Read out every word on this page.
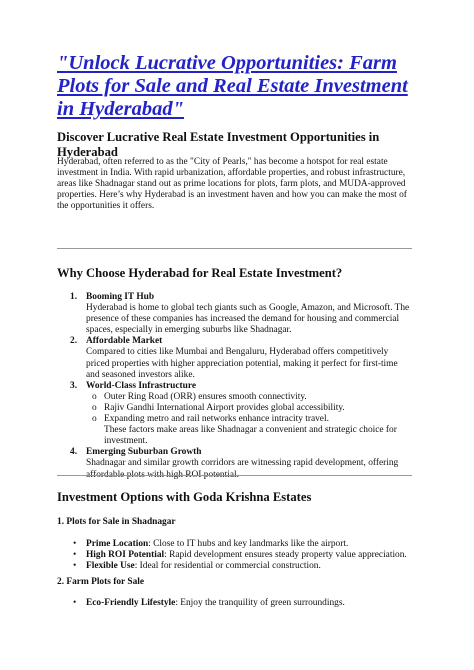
"Unlock Lucrative Opportunities: Farm Plots for Sale and Real Estate Investment in Hyderabad"
Discover Lucrative Real Estate Investment Opportunities in Hyderabad

Hyderabad, often referred to as the "City of Pearls," has become a hotspot for real estate investment in India. With rapid urbanization, affordable properties, and robust infrastructure, areas like Shadnagar stand out as prime locations for plots, farm plots, and MUDA-approved properties. Here’s why Hyderabad is an investment haven and how you can make the most of the opportunities it offers.

Why Choose Hyderabad for Real Estate Investment?
1. Booming IT Hub
Hyderabad is home to global tech giants such as Google, Amazon, and Microsoft. The presence of these companies has increased the demand for housing and commercial spaces, especially in emerging suburbs like Shadnagar.
2. Affordable Market
Compared to cities like Mumbai and Bengaluru, Hyderabad offers competitively priced properties with higher appreciation potential, making it perfect for first-time and seasoned investors alike.
3. World-Class Infrastructure
o Outer Ring Road (ORR) ensures smooth connectivity.
o Rajiv Gandhi International Airport provides global accessibility.
o Expanding metro and rail networks enhance intracity travel.
These factors make areas like Shadnagar a convenient and strategic choice for investment.
4. Emerging Suburban Growth
Shadnagar and similar growth corridors are witnessing rapid development, offering affordable plots with high ROI potential.
Investment Options with Goda Krishna Estates
1. Plots for Sale in Shadnagar
• Prime Location: Close to IT hubs and key landmarks like the airport.
• High ROI Potential: Rapid development ensures steady property value appreciation.
• Flexible Use: Ideal for residential or commercial construction.
2. Farm Plots for Sale
• Eco-Friendly Lifestyle: Enjoy the tranquility of green surroundings.
